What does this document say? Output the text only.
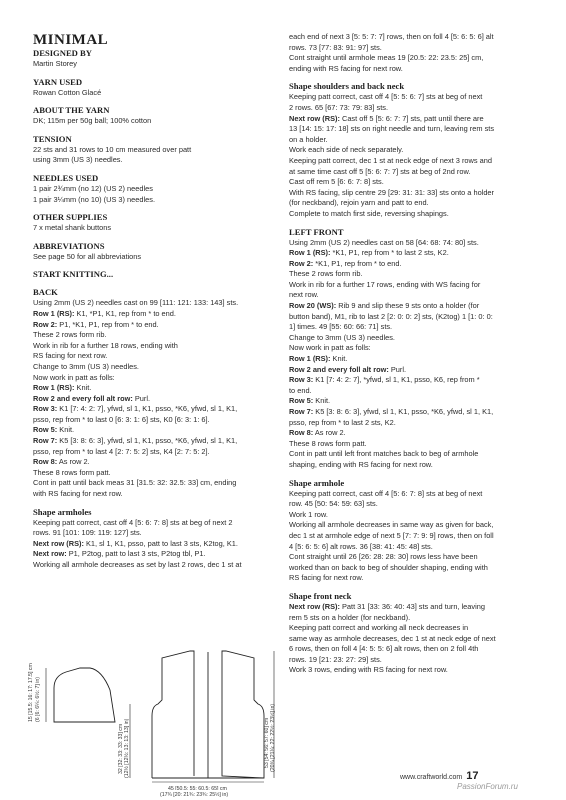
MINIMAL

DESIGNED BY

Martin Storey

YARN USED

Rowan Cotton Glacé

ABOUT THE YARN

DK; 115m per 50g ball; 100% cotton

TENSION

22 sts and 31 rows to 10 cm measured over patt

using 3mm (US 3) needles.

NEEDLES USED

1 pair 2¾mm (no 12) (US 2) needles

1 pair 3¼mm (no 10) (US 3) needles.

OTHER SUPPLIES

7 x metal shank buttons

ABBREVIATIONS

See page 50 for all abbreviations

START KNITTING...

BACK

Using 2mm (US 2) needles cast on 99 [111: 121: 133: 143] sts.

Row 1 (RS): K1, *P1, K1, rep from * to end.

Row 2: P1, *K1, P1, rep from * to end.

These 2 rows form rib.

Work in rib for a further 18 rows, ending with

RS facing for next row.

Change to 3mm (US 3) needles.

Now work in patt as folls:

Row 1 (RS): Knit.

Row 2 and every foll alt row: Purl.

Row 3: K1 [7: 4: 2: 7], yfwd, sl 1, K1, psso, *K6, yfwd, sl 1, K1,

psso, rep from * to last 0 [6: 3: 1: 6] sts, K0 [6: 3: 1: 6].

Row 5: Knit.

Row 7: K5 [3: 8: 6: 3], yfwd, sl 1, K1, psso, *K6, yfwd, sl 1, K1,

psso, rep from * to last 4 [2: 7: 5: 2] sts, K4 [2: 7: 5: 2].

Row 8: As row 2.

These 8 rows form patt.

Cont in patt until back meas 31 [31.5: 32: 32.5: 33] cm, ending

with RS facing for next row.

Shape armholes

Keeping patt correct, cast off 4 [5: 6: 7: 8] sts at beg of next 2

rows. 91 [101: 109: 119: 127] sts.

Next row (RS): K1, sl 1, K1, psso, patt to last 3 sts, K2tog, K1.

Next row: P1, P2tog, patt to last 3 sts, P2tog tbl, P1.

Working all armhole decreases as set by last 2 rows, dec 1 st at

each end of next 3 [5: 5: 7: 7] rows, then on foll 4 [5: 6: 5: 6] alt

rows. 73 [77: 83: 91: 97] sts.

Cont straight until armhole meas 19 [20.5: 22: 23.5: 25] cm,

ending with RS facing for next row.

Shape shoulders and back neck

Keeping patt correct, cast off 4 [5: 5: 6: 7] sts at beg of next

2 rows. 65 [67: 73: 79: 83] sts.

Next row (RS): Cast off 5 [5: 6: 7: 7] sts, patt until there are

13 [14: 15: 17: 18] sts on right needle and turn, leaving rem sts

on a holder.

Work each side of neck separately.

Keeping patt correct, dec 1 st at neck edge of next 3 rows and

at same time cast off 5 [5: 6: 7: 7] sts at beg of 2nd row.

Cast off rem 5 [6: 6: 7: 8] sts.

With RS facing, slip centre 29 [29: 31: 31: 33] sts onto a holder

(for neckband), rejoin yarn and patt to end.

Complete to match first side, reversing shapings.

LEFT FRONT

Using 2mm (US 2) needles cast on 58 [64: 68: 74: 80] sts.

Row 1 (RS): *K1, P1, rep from * to last 2 sts, K2.

Row 2: *K1, P1, rep from * to end.

These 2 rows form rib.

Work in rib for a further 17 rows, ending with WS facing for

next row.

Row 20 (WS): Rib 9 and slip these 9 sts onto a holder (for

button band), M1, rib to last 2 [2: 0: 0: 2] sts, (K2tog) 1 [1: 0: 0:

1] times. 49 [55: 60: 66: 71] sts.

Change to 3mm (US 3) needles.

Now work in patt as folls:

Row 1 (RS): Knit.

Row 2 and every foll alt row: Purl.

Row 3: K1 [7: 4: 2: 7], *yfwd, sl 1, K1, psso, K6, rep from *

to end.

Row 5: Knit.

Row 7: K5 [3: 8: 6: 3], yfwd, sl 1, K1, psso, *K6, yfwd, sl 1, K1,

psso, rep from * to last 2 sts, K2.

Row 8: As row 2.

These 8 rows form patt.

Cont in patt until left front matches back to beg of armhole

shaping, ending with RS facing for next row.

Shape armhole

Keeping patt correct, cast off 4 [5: 6: 7: 8] sts at beg of next

row. 45 [50: 54: 59: 63] sts.

Work 1 row.

Working all armhole decreases in same way as given for back,

dec 1 st at armhole edge of next 5 [7: 7: 9: 9] rows, then on foll

4 [5: 6: 5: 6] alt rows. 36 [38: 41: 45: 48] sts.

Cont straight until 26 [26: 28: 28: 30] rows less have been

worked than on back to beg of shoulder shaping, ending with

RS facing for next row.

Shape front neck

Next row (RS): Patt 31 [33: 36: 40: 43] sts and turn, leaving

rem 5 sts on a holder (for neckband).

Keeping patt correct and working all neck decreases in

same way as armhole decreases, dec 1 st at neck edge of next

6 rows, then on foll 4 [4: 5: 5: 6] alt rows, then on 2 foll 4th

rows. 19 [21: 23: 27: 29] sts.

Work 3 rows, ending with RS facing for next row.

15 [15.5: 16: 17: 17.5] cm (6 [6: 6¼: 6½: 7] in)
32 [32: 33: 33: 33] cm (12½ [12½: 13: 13: 13] in)	53 [54: 56: 57: 60] cm (20¾ [21¼: 22: 22½: 23½] in)
45 [50.5: 55: 60.5: 65] cm
(17¾ [20: 21¾: 23¾: 25½] in)
www.craftworld.com 17
PassionForum.ru
